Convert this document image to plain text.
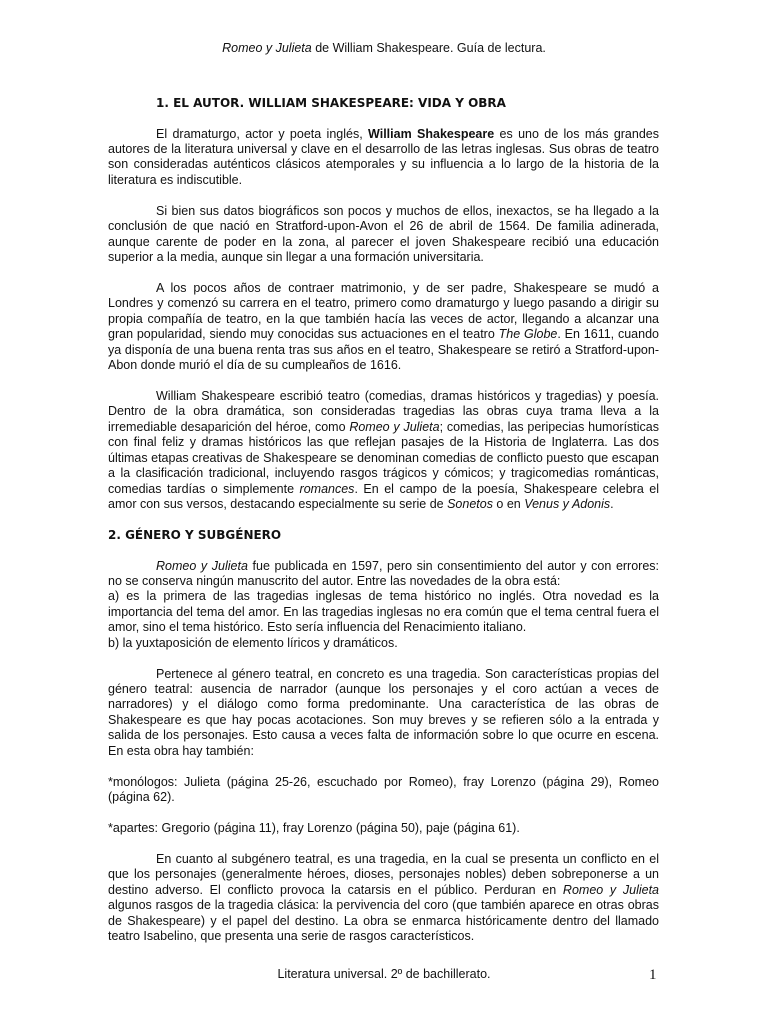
Romeo y Julieta de William Shakespeare. Guía de lectura.
1. EL AUTOR. WILLIAM SHAKESPEARE: VIDA Y OBRA

El dramaturgo, actor y poeta inglés, William Shakespeare es uno de los más grandes autores de la literatura universal y clave en el desarrollo de las letras inglesas. Sus obras de teatro son consideradas auténticos clásicos atemporales y su influencia a lo largo de la historia de la literatura es indiscutible.

Si bien sus datos biográficos son pocos y muchos de ellos, inexactos, se ha llegado a la conclusión de que nació en Stratford-upon-Avon el 26 de abril de 1564. De familia adinerada, aunque carente de poder en la zona, al parecer el joven Shakespeare recibió una educación superior a la media, aunque sin llegar a una formación universitaria.

A los pocos años de contraer matrimonio, y de ser padre, Shakespeare se mudó a Londres y comenzó su carrera en el teatro, primero como dramaturgo y luego pasando a dirigir su propia compañía de teatro, en la que también hacía las veces de actor, llegando a alcanzar una gran popularidad, siendo muy conocidas sus actuaciones en el teatro The Globe. En 1611, cuando ya disponía de una buena renta tras sus años en el teatro, Shakespeare se retiró a Stratford-upon-Abon donde murió el día de su cumpleaños de 1616.

William Shakespeare escribió teatro (comedias, dramas históricos y tragedias) y poesía. Dentro de la obra dramática, son consideradas tragedias las obras cuya trama lleva a la irremediable desaparición del héroe, como Romeo y Julieta; comedias, las peripecias humorísticas con final feliz y dramas históricos las que reflejan pasajes de la Historia de Inglaterra. Las dos últimas etapas creativas de Shakespeare se denominan comedias de conflicto puesto que escapan a la clasificación tradicional, incluyendo rasgos trágicos y cómicos; y tragicomedias románticas, comedias tardías o simplemente romances. En el campo de la poesía, Shakespeare celebra el amor con sus versos, destacando especialmente su serie de Sonetos o en Venus y Adonis.

2. GÉNERO Y SUBGÉNERO

Romeo y Julieta fue publicada en 1597, pero sin consentimiento del autor y con errores: no se conserva ningún manuscrito del autor. Entre las novedades de la obra está:

a) es la primera de las tragedias inglesas de tema histórico no inglés. Otra novedad es la importancia del tema del amor. En las tragedias inglesas no era común que el tema central fuera el amor, sino el tema histórico. Esto sería influencia del Renacimiento italiano.

b) la yuxtaposición de elemento líricos y dramáticos.

Pertenece al género teatral, en concreto es una tragedia. Son características propias del género teatral: ausencia de narrador (aunque los personajes y el coro actúan a veces de narradores) y el diálogo como forma predominante. Una característica de las obras de Shakespeare es que hay pocas acotaciones. Son muy breves y se refieren sólo a la entrada y salida de los personajes. Esto causa a veces falta de información sobre lo que ocurre en escena. En esta obra hay también:

*monólogos: Julieta (página 25-26, escuchado por Romeo), fray Lorenzo (página 29), Romeo (página 62).

*apartes: Gregorio (página 11), fray Lorenzo (página 50), paje (página 61).

En cuanto al subgénero teatral, es una tragedia, en la cual se presenta un conflicto en el que los personajes (generalmente héroes, dioses, personajes nobles) deben sobreponerse a un destino adverso. El conflicto provoca la catarsis en el público. Perduran en Romeo y Julieta algunos rasgos de la tragedia clásica: la pervivencia del coro (que también aparece en otras obras de Shakespeare) y el papel del destino. La obra se enmarca históricamente dentro del llamado teatro Isabelino, que presenta una serie de rasgos característicos.

Literatura universal. 2º de bachillerato.	1
